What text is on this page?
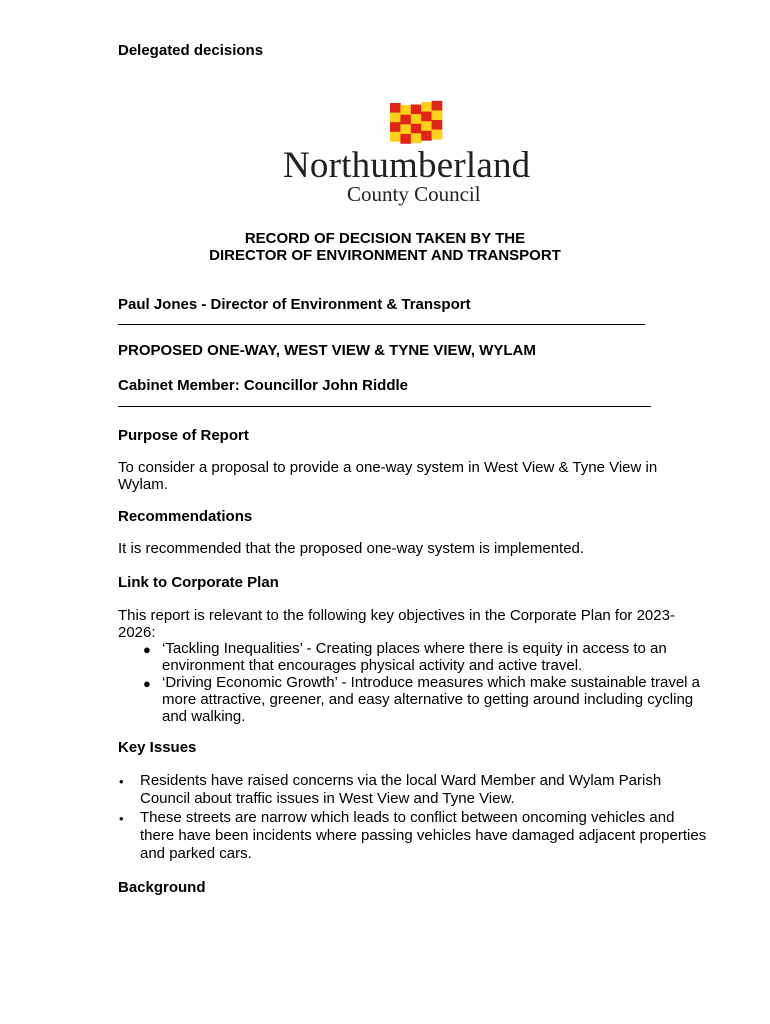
Delegated decisions
Northumberland
County Council
RECORD OF DECISION TAKEN BY THE
DIRECTOR OF ENVIRONMENT AND TRANSPORT
Paul Jones - Director of Environment & Transport
PROPOSED ONE-WAY, WEST VIEW & TYNE VIEW, WYLAM
Cabinet Member: Councillor John Riddle
Purpose of Report
To consider a proposal to provide a one-way system in West View & Tyne View in
Wylam.
Recommendations
It is recommended that the proposed one-way system is implemented.
Link to Corporate Plan
This report is relevant to the following key objectives in the Corporate Plan for 2023-
2026:
● ‘Tackling Inequalities’ - Creating places where there is equity in access to an
environment that encourages physical activity and active travel.
● ‘Driving Economic Growth’ - Introduce measures which make sustainable travel a
more attractive, greener, and easy alternative to getting around including cycling
and walking.
Key Issues
• Residents have raised concerns via the local Ward Member and Wylam Parish
Council about traffic issues in West View and Tyne View.
• These streets are narrow which leads to conflict between oncoming vehicles and
there have been incidents where passing vehicles have damaged adjacent properties
and parked cars.
Background
